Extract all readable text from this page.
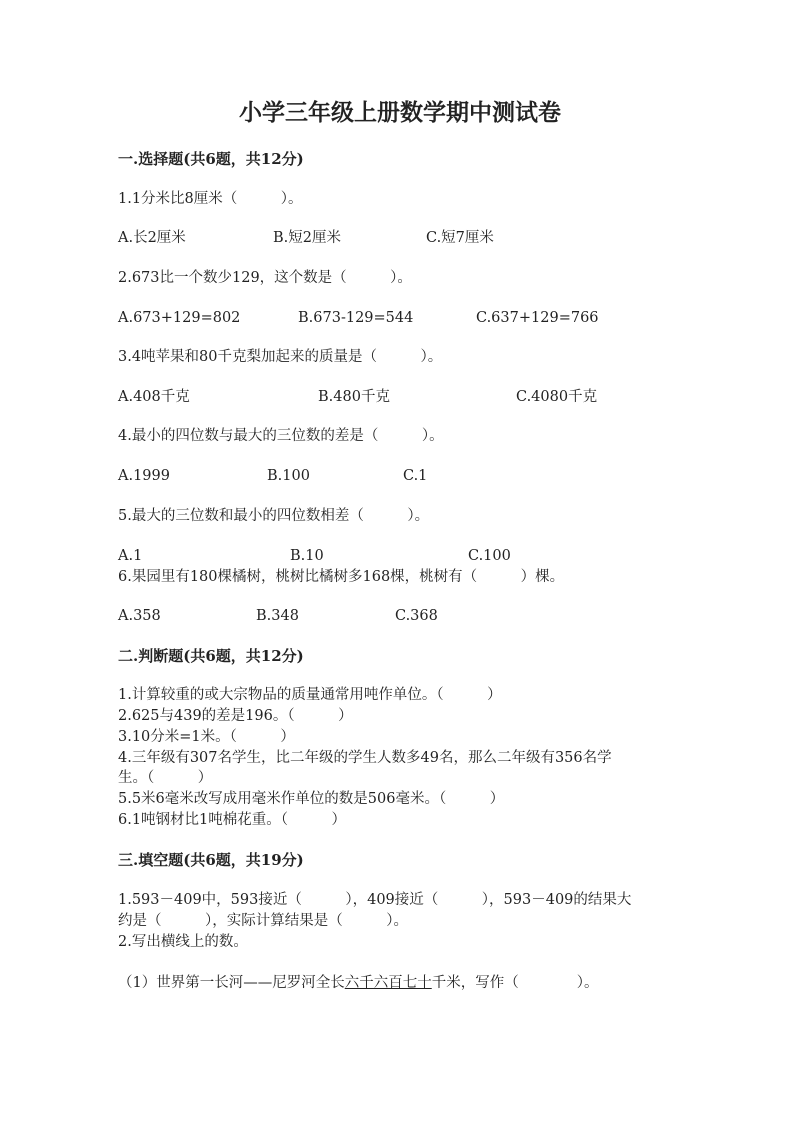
小学三年级上册数学期中测试卷
一.选择题(共6题，共12分)
1.1分米比8厘米（　　　）。
A.长2厘米	B.短2厘米	C.短7厘米
2.673比一个数少129，这个数是（　　　）。
A.673+129=802	B.673-129=544	C.637+129=766
3.4吨苹果和80千克梨加起来的质量是（　　　）。
A.408千克	B.480千克	C.4080千克
4.最小的四位数与最大的三位数的差是（　　　）。
A.1999	B.100	C.1
5.最大的三位数和最小的四位数相差（　　　）。
A.1	B.10	C.100
6.果园里有180棵橘树，桃树比橘树多168棵，桃树有（　　　）棵。
A.358	B.348	C.368
二.判断题(共6题，共12分)
1.计算较重的或大宗物品的质量通常用吨作单位。（　　　）
2.625与439的差是196。（　　　）
3.10分米=1米。（　　　）
4.三年级有307名学生，比二年级的学生人数多49名，那么二年级有356名学
生。（　　　）
5.5米6毫米改写成用毫米作单位的数是506毫米。（　　　）
6.1吨钢材比1吨棉花重。（　　　）
三.填空题(共6题，共19分)
1.593－409中，593接近（　　　），409接近（　　　），593－409的结果大
约是（　　　），实际计算结果是（　　　）。
2.写出横线上的数。
（1）世界第一长河——尼罗河全长六千六百七十千米，写作（　　　　）。
